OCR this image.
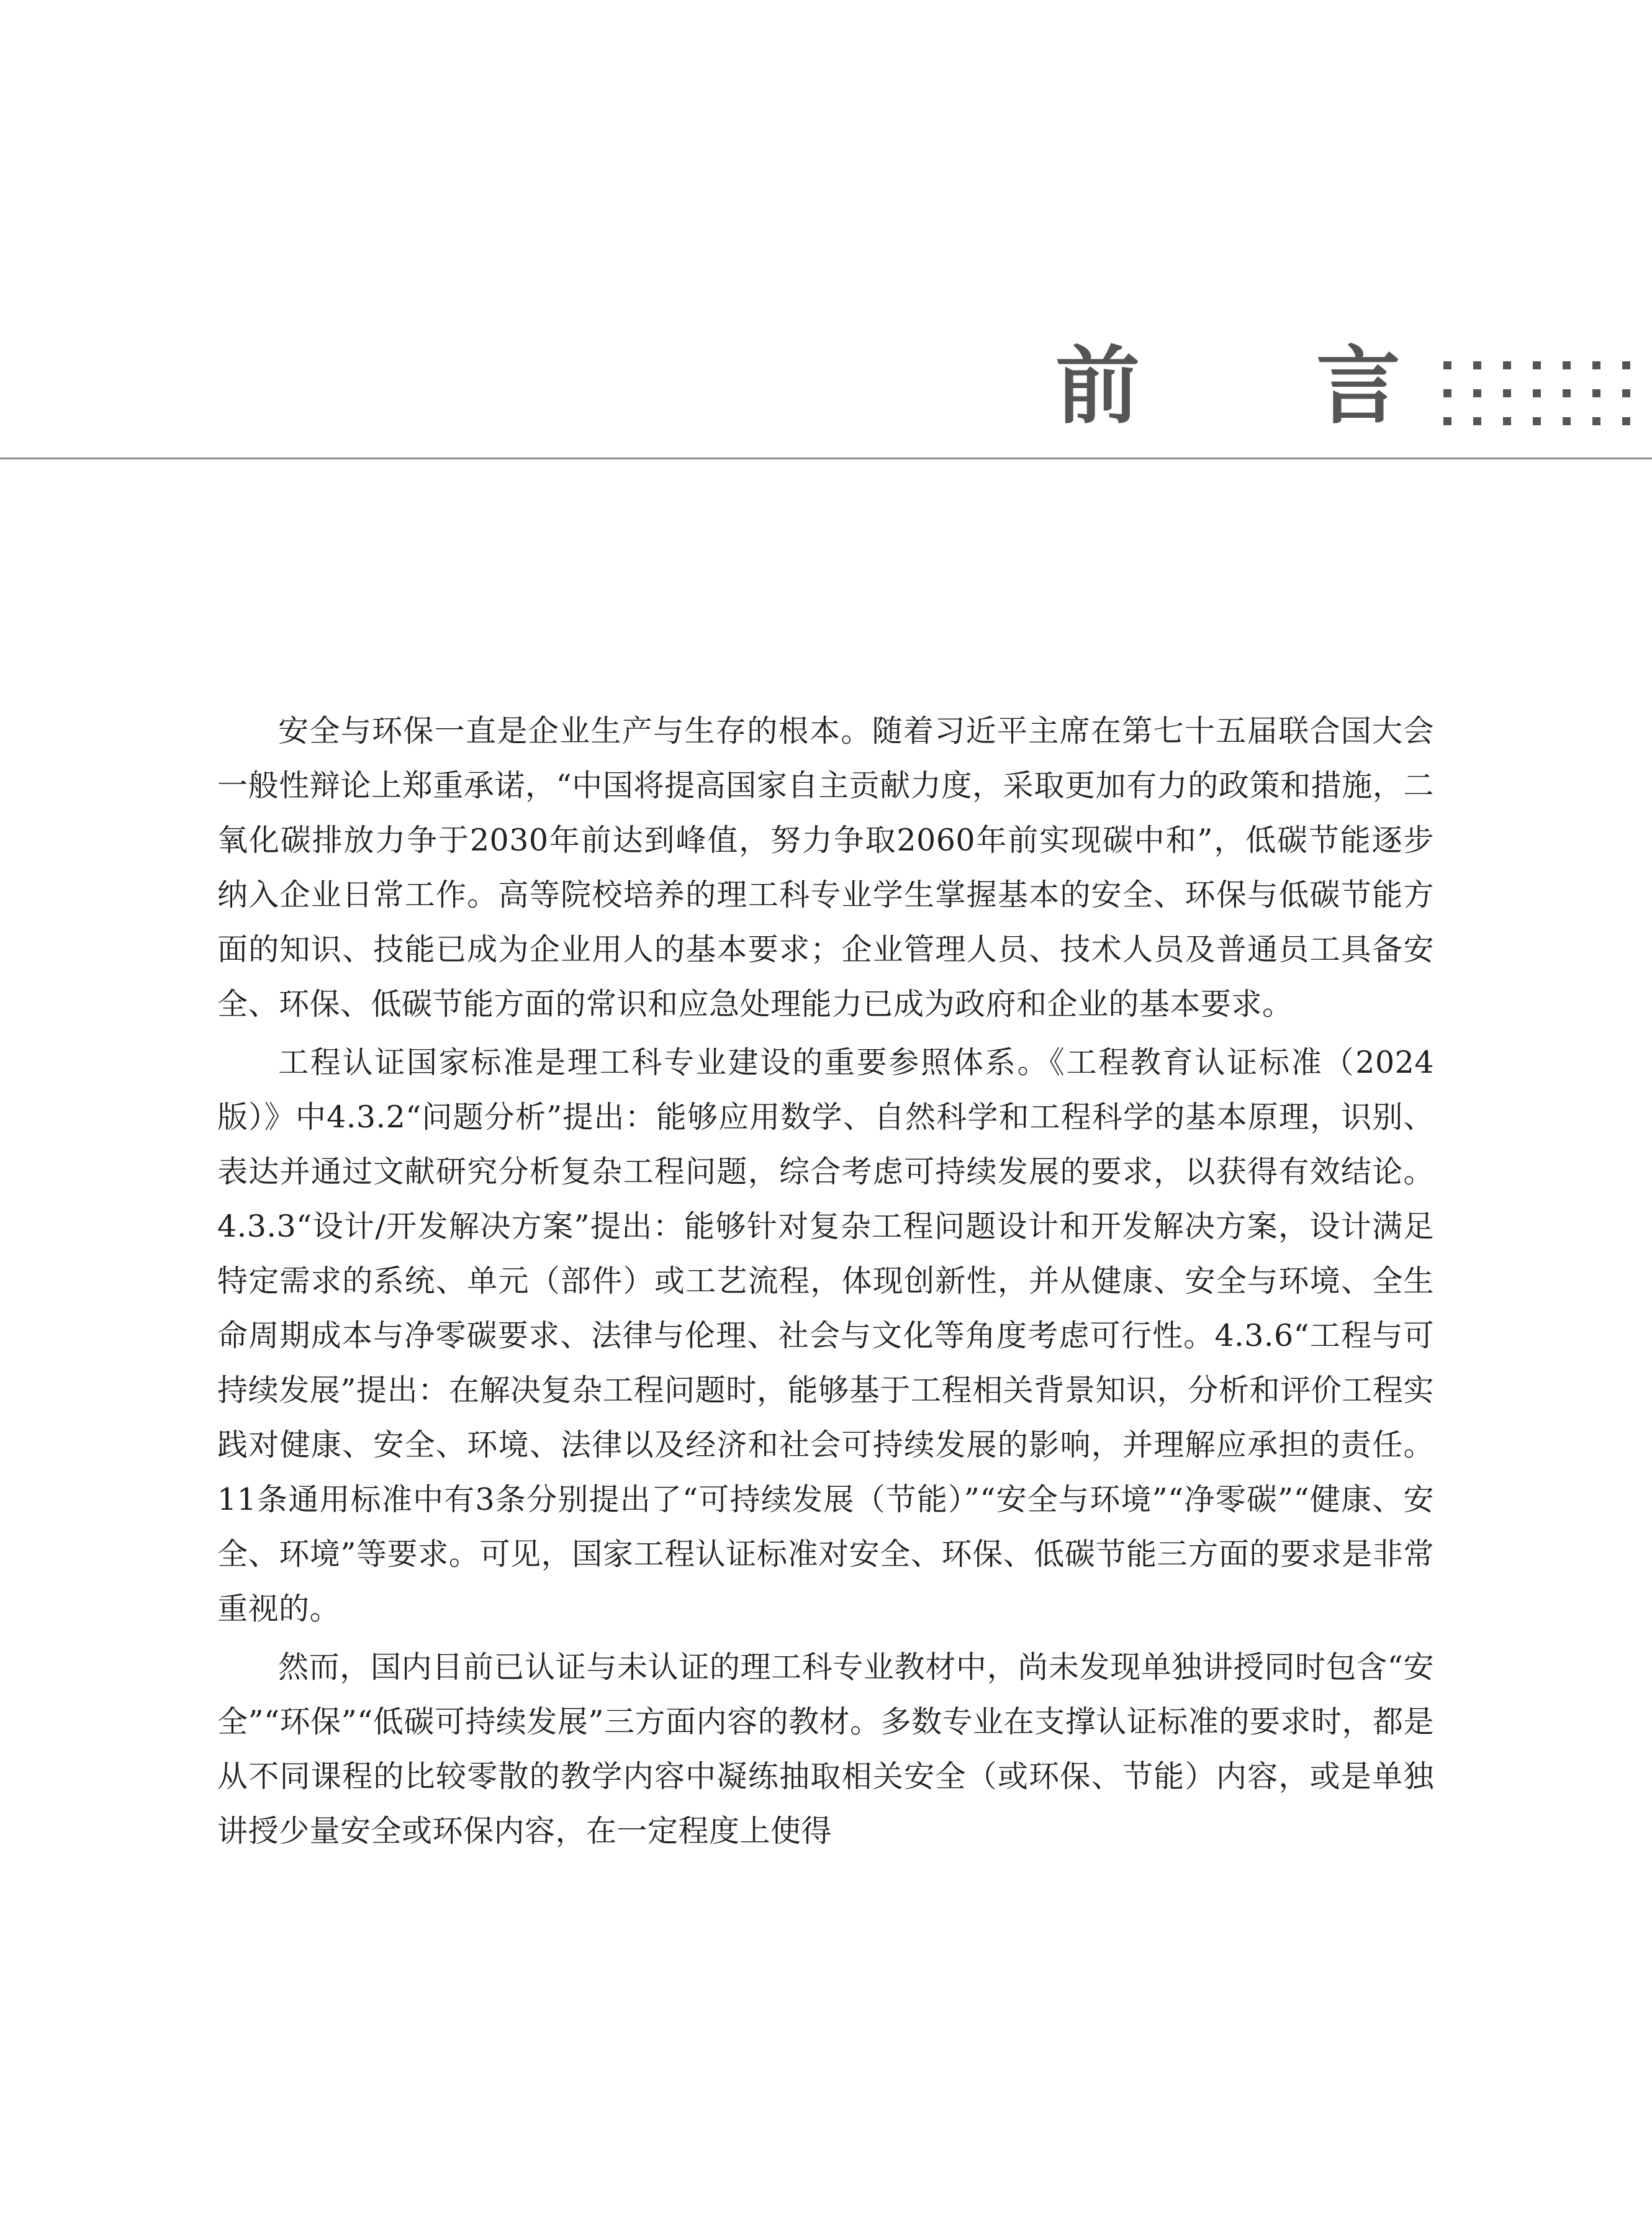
前 言

安全与环保一直是企业生产与生存的根本。随着习近平主席在第七十五届联合国大会一般性辩论上郑重承诺，“中国将提高国家自主贡献力度，采取更加有力的政策和措施，二氧化碳排放力争于2030年前达到峰值，努力争取2060年前实现碳中和”，低碳节能逐步纳入企业日常工作。高等院校培养的理工科专业学生掌握基本的安全、环保与低碳节能方面的知识、技能已成为企业用人的基本要求；企业管理人员、技术人员及普通员工具备安全、环保、低碳节能方面的常识和应急处理能力已成为政府和企业的基本要求。

工程认证国家标准是理工科专业建设的重要参照体系。《工程教育认证标准（2024版）》中4.3.2“问题分析”提出：能够应用数学、自然科学和工程科学的基本原理，识别、表达并通过文献研究分析复杂工程问题，综合考虑可持续发展的要求，以获得有效结论。4.3.3“设计/开发解决方案”提出：能够针对复杂工程问题设计和开发解决方案，设计满足特定需求的系统、单元（部件）或工艺流程，体现创新性，并从健康、安全与环境、全生命周期成本与净零碳要求、法律与伦理、社会与文化等角度考虑可行性。4.3.6“工程与可持续发展”提出：在解决复杂工程问题时，能够基于工程相关背景知识，分析和评价工程实践对健康、安全、环境、法律以及经济和社会可持续发展的影响，并理解应承担的责任。11条通用标准中有3条分别提出了“可持续发展（节能）”“安全与环境”“净零碳”“健康、安全、环境”等要求。可见，国家工程认证标准对安全、环保、低碳节能三方面的要求是非常重视的。

然而，国内目前已认证与未认证的理工科专业教材中，尚未发现单独讲授同时包含“安全”“环保”“低碳可持续发展”三方面内容的教材。多数专业在支撑认证标准的要求时，都是从不同课程的比较零散的教学内容中凝练抽取相关安全（或环保、节能）内容，或是单独讲授少量安全或环保内容，在一定程度上使得
